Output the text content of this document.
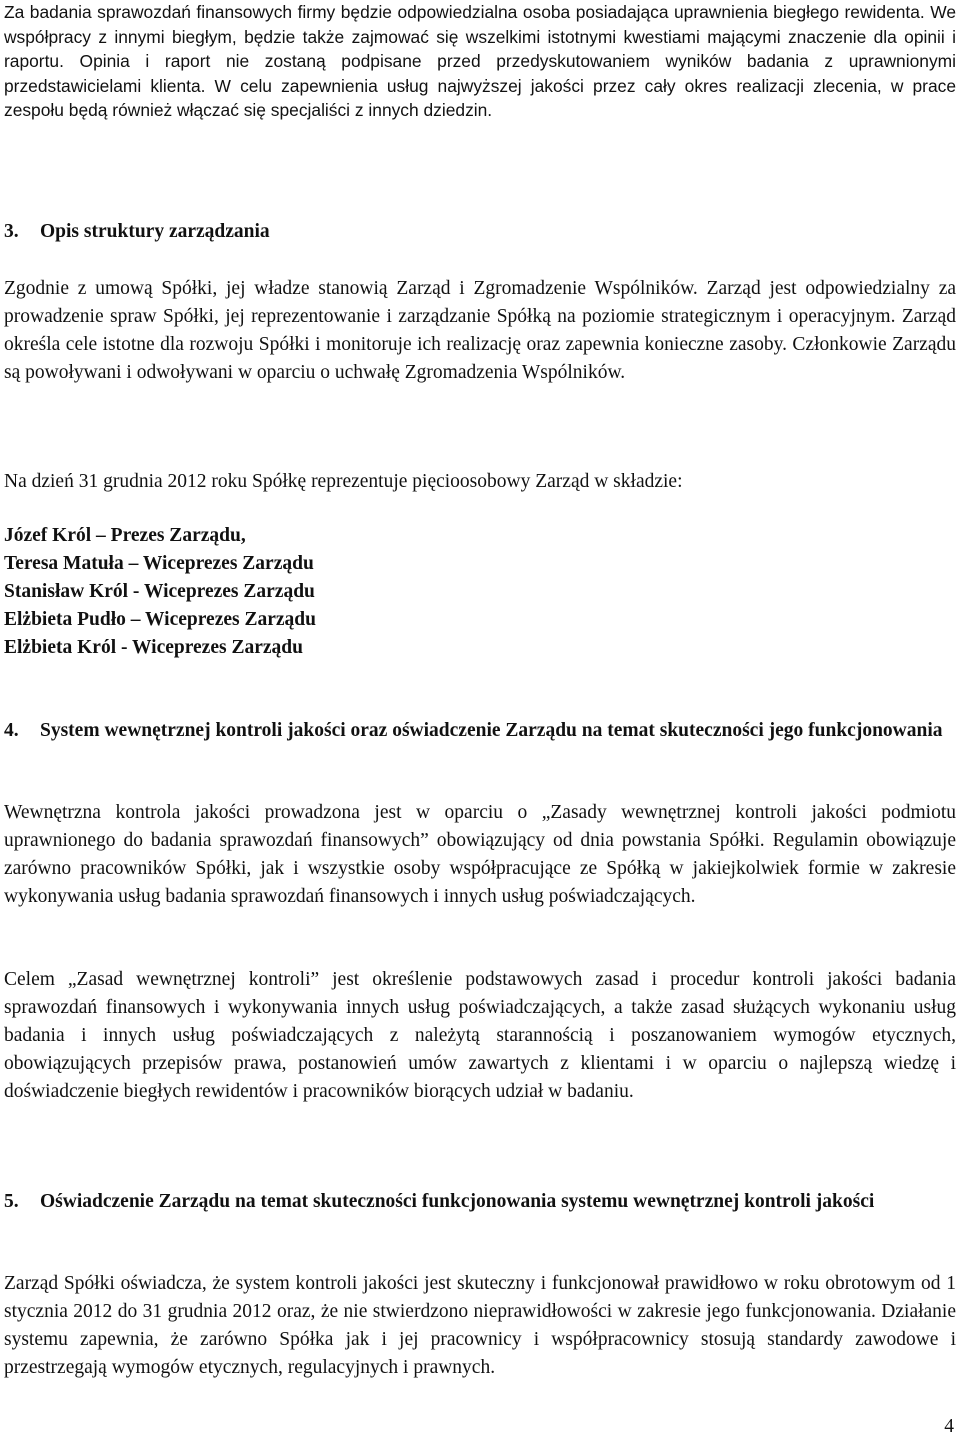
Za badania sprawozdań finansowych firmy będzie odpowiedzialna osoba posiadająca uprawnienia biegłego rewidenta. We współpracy z innymi biegłym, będzie także zajmować się wszelkimi istotnymi kwestiami mającymi znaczenie dla opinii i raportu. Opinia i raport nie zostaną podpisane przed przedyskutowaniem wyników badania z uprawnionymi przedstawicielami klienta. W celu zapewnienia usług najwyższej jakości przez cały okres realizacji zlecenia, w prace zespołu będą również włączać się specjaliści z innych dziedzin.

3.	Opis struktury zarządzania

Zgodnie z umową Spółki, jej władze stanowią Zarząd i Zgromadzenie Wspólników. Zarząd jest odpowiedzialny za prowadzenie spraw Spółki, jej reprezentowanie i zarządzanie Spółką na poziomie strategicznym i operacyjnym. Zarząd określa cele istotne dla rozwoju Spółki i monitoruje ich realizację oraz zapewnia konieczne zasoby. Członkowie Zarządu są powoływani i odwoływani w oparciu o uchwałę Zgromadzenia Wspólników.

Na dzień 31 grudnia 2012 roku Spółkę reprezentuje pięcioosobowy Zarząd w składzie:

Józef Król – Prezes Zarządu,
Teresa Matuła – Wiceprezes Zarządu
Stanisław Król - Wiceprezes Zarządu
Elżbieta Pudło – Wiceprezes Zarządu
Elżbieta Król - Wiceprezes Zarządu
4.	System wewnętrznej kontroli jakości oraz oświadczenie Zarządu na temat skuteczności jego funkcjonowania

Wewnętrzna kontrola jakości prowadzona jest w oparciu o „Zasady wewnętrznej kontroli jakości podmiotu uprawnionego do badania sprawozdań finansowych” obowiązujący od dnia powstania Spółki. Regulamin obowiązuje zarówno pracowników Spółki, jak i wszystkie osoby współpracujące ze Spółką w jakiejkolwiek formie w zakresie wykonywania usług badania sprawozdań finansowych i innych usług poświadczających.

Celem „Zasad wewnętrznej kontroli” jest określenie podstawowych zasad i procedur kontroli jakości badania sprawozdań finansowych i wykonywania innych usług poświadczających, a także zasad służących wykonaniu usług badania i innych usług poświadczających z należytą starannością i poszanowaniem wymogów etycznych, obowiązujących przepisów prawa, postanowień umów zawartych z klientami i w oparciu o najlepszą wiedzę i doświadczenie biegłych rewidentów i pracowników biorących udział w badaniu.

5.	Oświadczenie Zarządu na temat skuteczności funkcjonowania systemu wewnętrznej kontroli jakości

Zarząd Spółki oświadcza, że system kontroli jakości jest skuteczny i funkcjonował prawidłowo w roku obrotowym od 1 stycznia 2012 do 31 grudnia 2012 oraz, że nie stwierdzono nieprawidłowości w zakresie jego funkcjonowania. Działanie systemu zapewnia, że zarówno Spółka jak i jej pracownicy i współpracownicy stosują standardy zawodowe i przestrzegają wymogów etycznych, regulacyjnych i prawnych.

4
